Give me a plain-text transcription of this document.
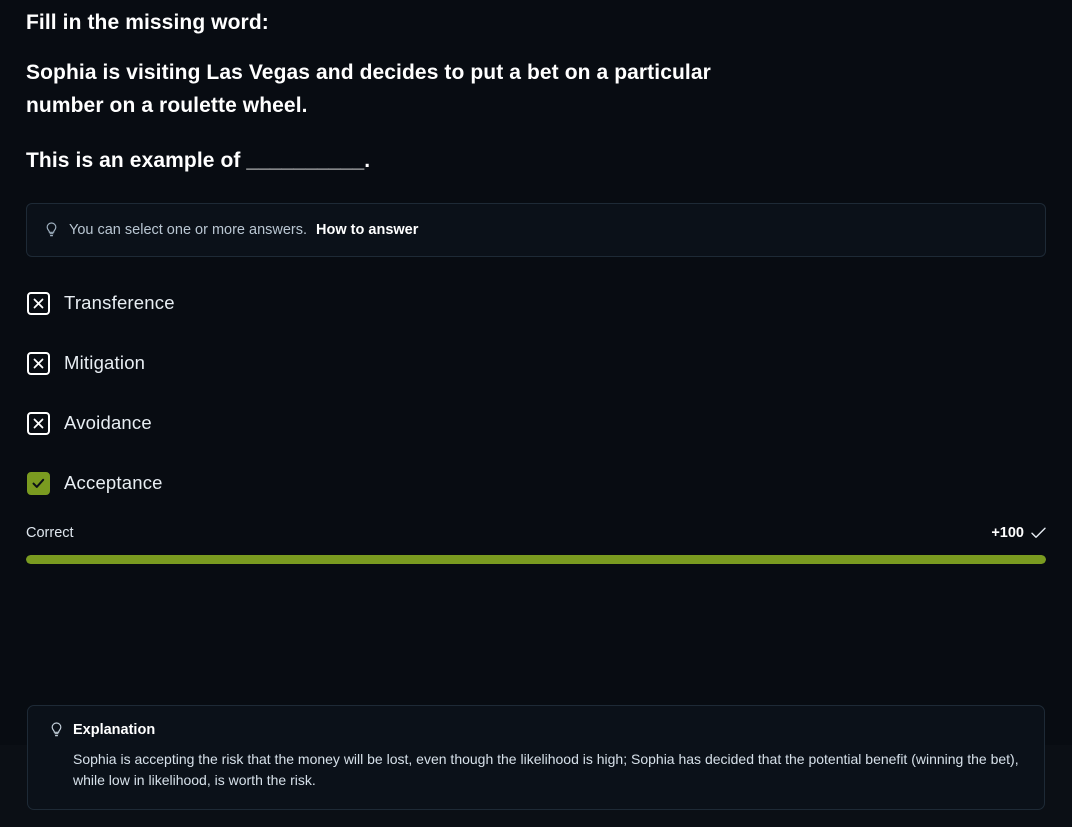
Fill in the missing word:
Sophia is visiting Las Vegas and decides to put a bet on a particular number on a roulette wheel.
This is an example of __________.
You can select one or more answers. How to answer
Transference
Mitigation
Avoidance
Acceptance
Correct	+100
Explanation
Sophia is accepting the risk that the money will be lost, even though the likelihood is high; Sophia has decided that the potential benefit (winning the bet), while low in likelihood, is worth the risk.
